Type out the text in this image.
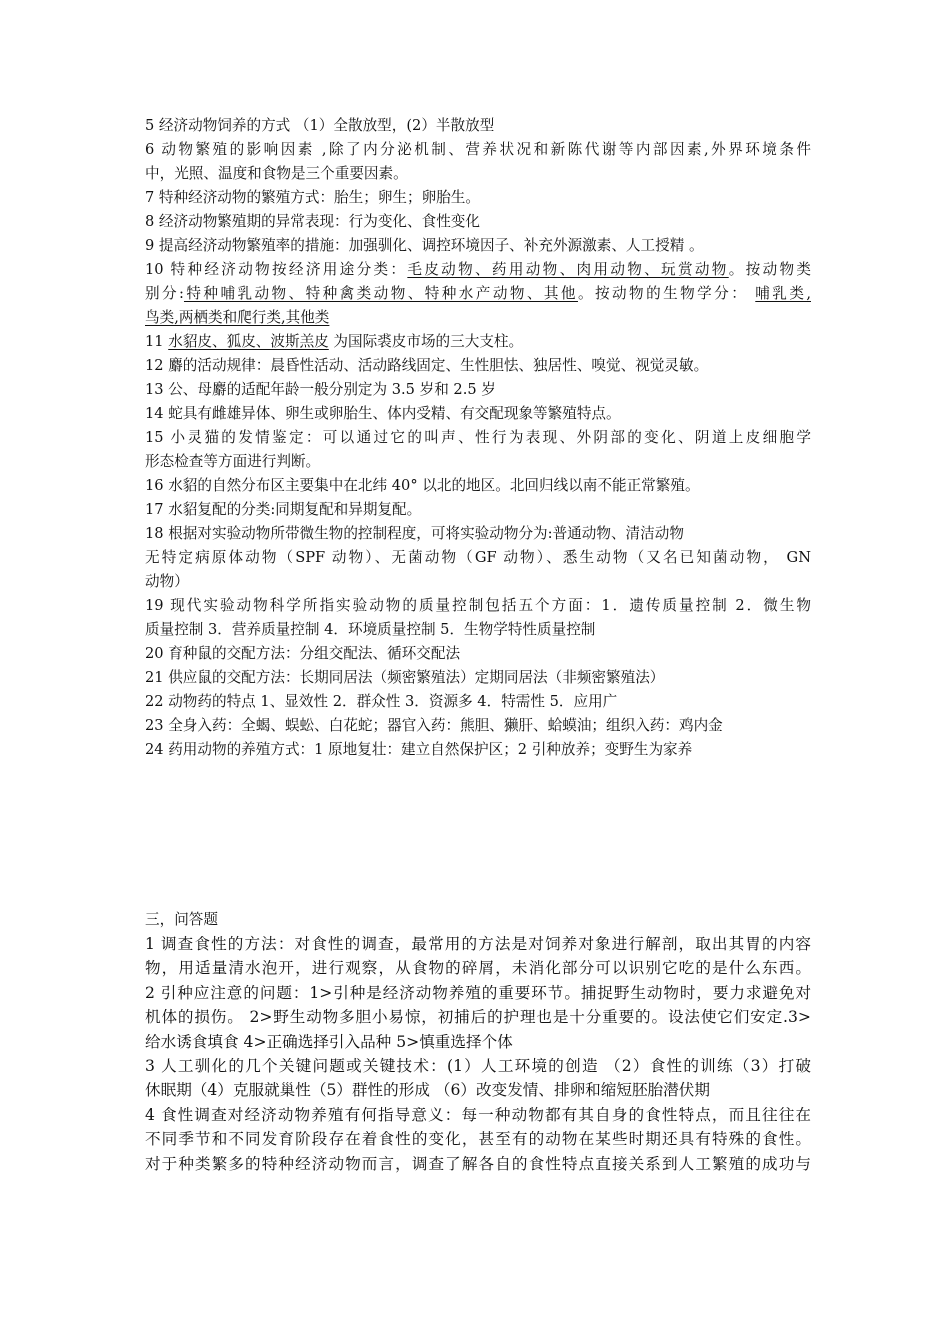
5 经济动物饲养的方式 （1）全散放型，(2）半散放型
6 动物繁殖的影响因素 ,除了内分泌机制、营养状况和新陈代谢等内部因素,外界环境条件
中，光照、温度和食物是三个重要因素。
7 特种经济动物的繁殖方式：胎生；卵生；卵胎生。
8 经济动物繁殖期的异常表现：行为变化、食性变化
9 提高经济动物繁殖率的措施：加强驯化、调控环境因子、补充外源激素、人工授精 。
10 特种经济动物按经济用途分类：毛皮动物、药用动物、肉用动物、玩赏动物。按动物类
别分:特种哺乳动物、特种禽类动物、特种水产动物、其他。按动物的生物学分： 哺乳类,
鸟类,两栖类和爬行类,其他类
11 水貂皮、狐皮、波斯羔皮 为国际裘皮市场的三大支柱。
12 麝的活动规律：晨昏性活动、活动路线固定、生性胆怯、独居性、嗅觉、视觉灵敏。
13 公、母麝的适配年龄一般分别定为 3.5 岁和 2.5 岁
14 蛇具有雌雄异体、卵生或卵胎生、体内受精、有交配现象等繁殖特点。
15 小灵猫的发情鉴定：可以通过它的叫声、性行为表现、外阴部的变化、阴道上皮细胞学
形态检查等方面进行判断。
16 水貂的自然分布区主要集中在北纬 40° 以北的地区。北回归线以南不能正常繁殖。
17 水貂复配的分类:同期复配和异期复配。
18 根据对实验动物所带微生物的控制程度，可将实验动物分为:普通动物、清洁动物
无特定病原体动物（SPF 动物）、无菌动物（GF 动物）、悉生动物（又名已知菌动物， GN
动物）
19 现代实验动物科学所指实验动物的质量控制包括五个方面：1．遗传质量控制 2．微生物
质量控制 3．营养质量控制 4．环境质量控制 5．生物学特性质量控制
20 育种鼠的交配方法：分组交配法、循环交配法
21 供应鼠的交配方法：长期同居法（频密繁殖法）定期同居法（非频密繁殖法）
22 动物药的特点 1、显效性 2．群众性 3．资源多 4．特需性 5．应用广
23 全身入药：全蝎、蜈蚣、白花蛇；器官入药：熊胆、獭肝、蛤蟆油；组织入药：鸡内金
24 药用动物的养殖方式：1 原地复壮：建立自然保护区；2 引种放养；变野生为家养
三，问答题
1 调查食性的方法：对食性的调查，最常用的方法是对饲养对象进行解剖，取出其胃的内容
物，用适量清水泡开，进行观察，从食物的碎屑，未消化部分可以识别它吃的是什么东西。
2 引种应注意的问题：1>引种是经济动物养殖的重要环节。捕捉野生动物时，要力求避免对
机体的损伤。 2>野生动物多胆小易惊，初捕后的护理也是十分重要的。设法使它们安定.3>
给水诱食填食 4>正确选择引入品种 5>慎重选择个体
3 人工驯化的几个关键问题或关键技术：(1）人工环境的创造 （2）食性的训练（3）打破
休眠期（4）克服就巢性（5）群性的形成 （6）改变发情、排卵和缩短胚胎潜伏期
4 食性调查对经济动物养殖有何指导意义：每一种动物都有其自身的食性特点，而且往往在
不同季节和不同发育阶段存在着食性的变化，甚至有的动物在某些时期还具有特殊的食性。
对于种类繁多的特种经济动物而言，调查了解各自的食性特点直接关系到人工繁殖的成功与
